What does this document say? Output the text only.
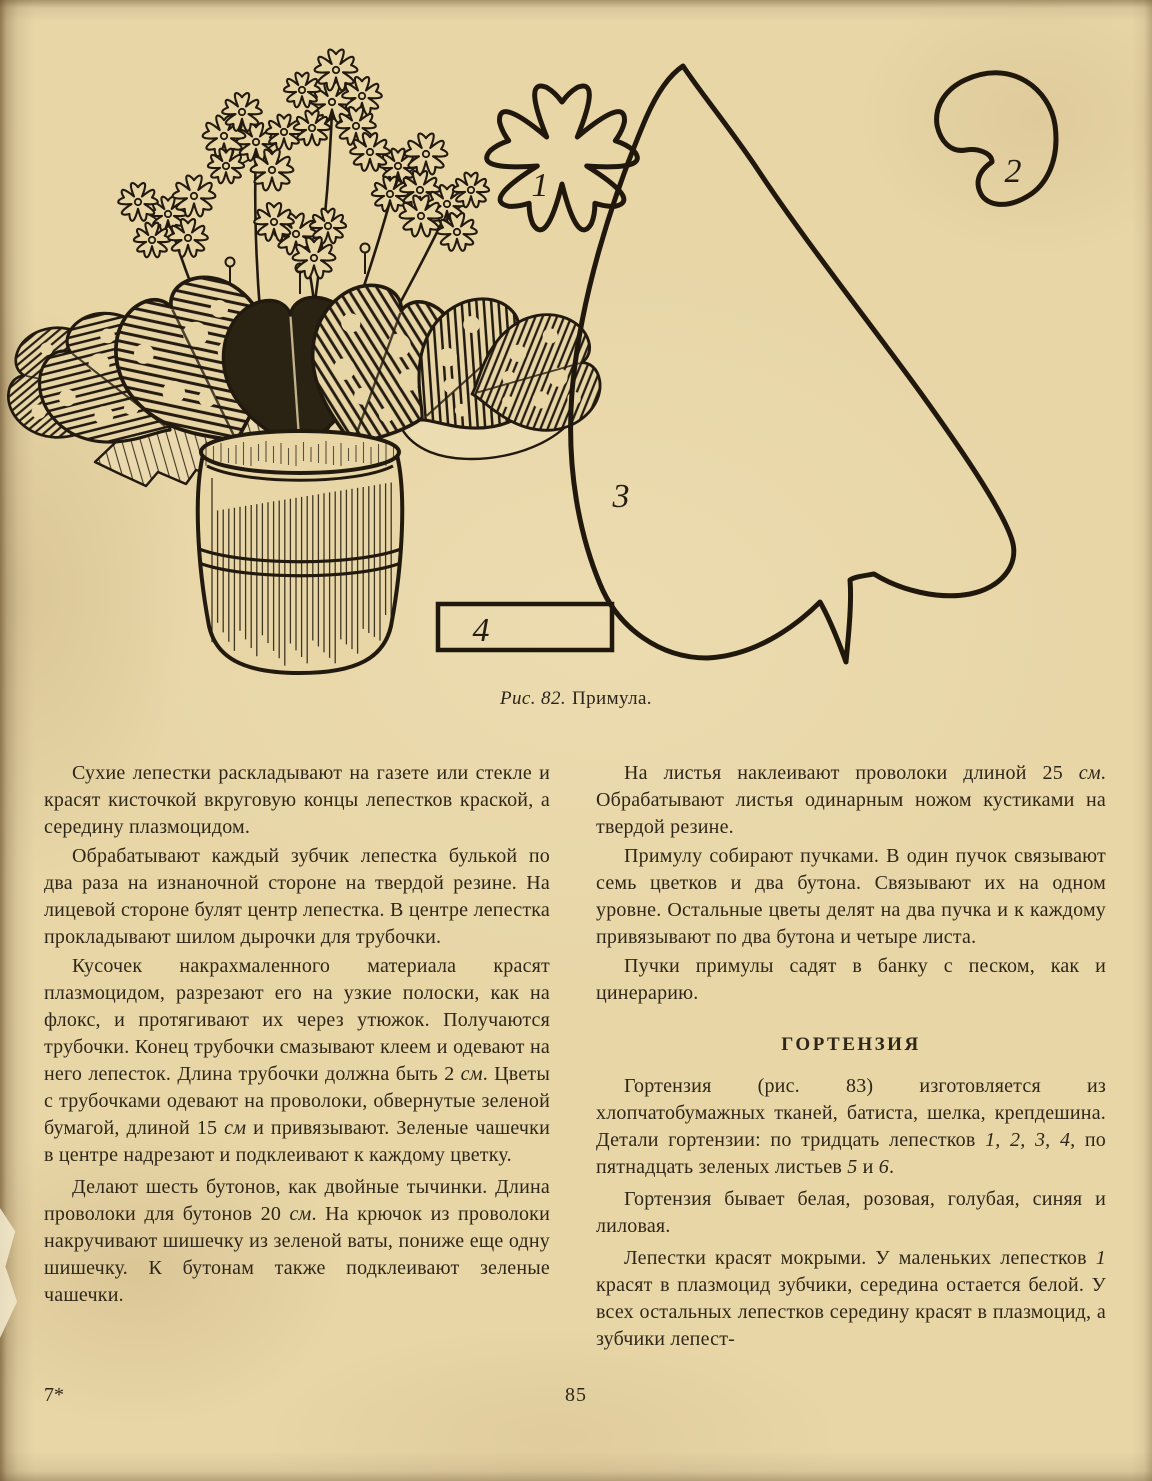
1	2
3
4
Рис. 82. Примула.

Сухие лепестки раскладывают на газете или стекле и красят кисточкой вкруговую концы лепестков краской, а середину плазмоцидом.

Обрабатывают каждый зубчик лепестка булькой по два раза на изнаночной стороне на твердой резине. На лицевой стороне булят центр лепестка. В центре лепестка прокладывают шилом дырочки для трубочки.

Кусочек накрахмаленного материала красят плазмоцидом, разрезают его на узкие полоски, как на флокс, и протягивают их через утюжок. Получаются трубочки. Конец трубочки смазывают клеем и одевают на него лепесток. Длина трубочки должна быть 2 см. Цветы с трубочками одевают на проволоки, обвернутые зеленой бумагой, длиной 15 см и привязывают. Зеленые чашечки в центре надрезают и подклеивают к каждому цветку.

Делают шесть бутонов, как двойные тычинки. Длина проволоки для бутонов 20 см. На крючок из проволоки накручивают шишечку из зеленой ваты, пониже еще одну шишечку. К бутонам также подклеивают зеленые чашечки.

На листья наклеивают проволоки длиной 25 см. Обрабатывают листья одинарным ножом кустиками на твердой резине.

Примулу собирают пучками. В один пучок связывают семь цветков и два бутона. Связывают их на одном уровне. Остальные цветы делят на два пучка и к каждому привязывают по два бутона и четыре листа.

Пучки примулы садят в банку с песком, как и цинерарию.

ГОРТЕНЗИЯ

Гортензия (рис. 83) изготовляется из хлопчатобумажных тканей, батиста, шелка, крепдешина. Детали гортензии: по тридцать лепестков 1, 2, 3, 4, по пятнадцать зеленых листьев 5 и 6.

Гортензия бывает белая, розовая, голубая, синяя и лиловая.

Лепестки красят мокрыми. У маленьких лепестков 1 красят в плазмоцид зубчики, середина остается белой. У всех остальных лепестков середину красят в плазмоцид, а зубчики лепест-

7*	85
